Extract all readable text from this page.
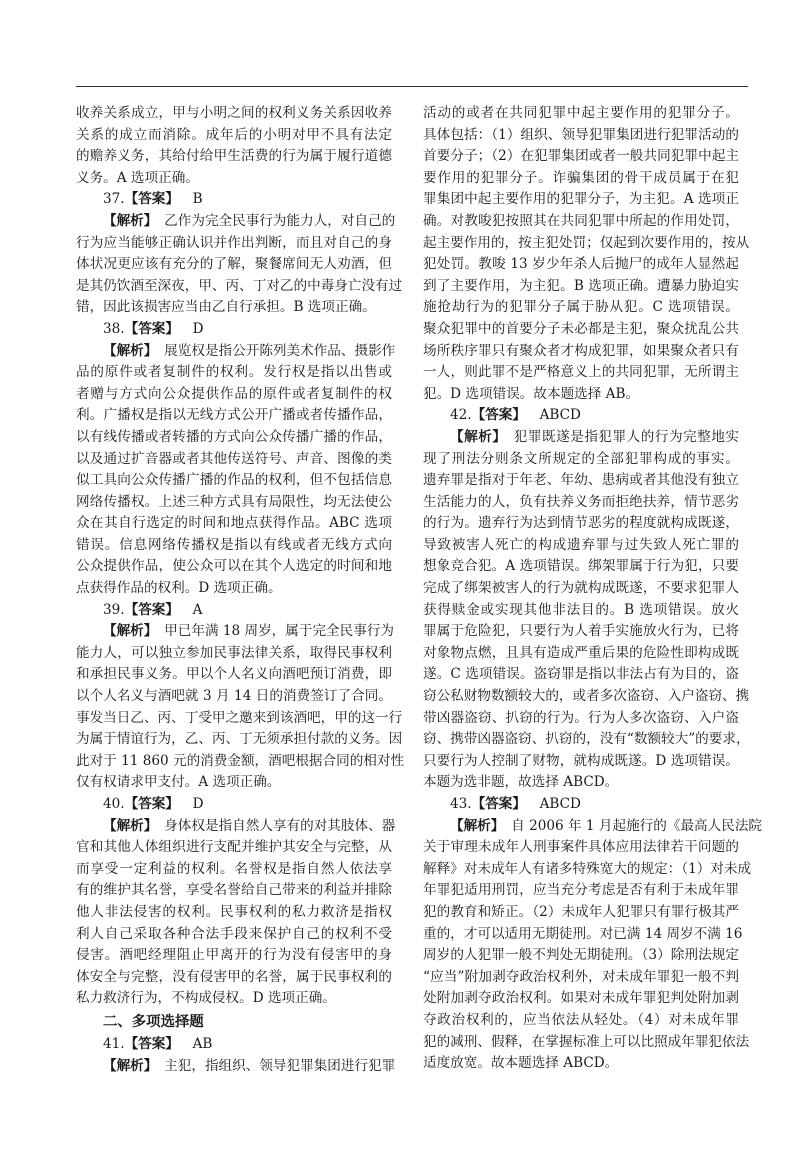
收养关系成立，甲与小明之间的权利义务关系因收养
关系的成立而消除。成年后的小明对甲不具有法定
的赡养义务，其给付给甲生活费的行为属于履行道德
义务。A 选项正确。
37.【答案】  B
【解析】  乙作为完全民事行为能力人，对自己的
行为应当能够正确认识并作出判断，而且对自己的身
体状况更应该有充分的了解，聚餐席间无人劝酒，但
是其仍饮酒至深夜，甲、丙、丁对乙的中毒身亡没有过
错，因此该损害应当由乙自行承担。B 选项正确。
38.【答案】  D
【解析】  展览权是指公开陈列美术作品、摄影作
品的原件或者复制件的权利。发行权是指以出售或
者赠与方式向公众提供作品的原件或者复制件的权
利。广播权是指以无线方式公开广播或者传播作品，
以有线传播或者转播的方式向公众传播广播的作品，
以及通过扩音器或者其他传送符号、声音、图像的类
似工具向公众传播广播的作品的权利，但不包括信息
网络传播权。上述三种方式具有局限性，均无法使公
众在其自行选定的时间和地点获得作品。ABC 选项
错误。信息网络传播权是指以有线或者无线方式向
公众提供作品，使公众可以在其个人选定的时间和地
点获得作品的权利。D 选项正确。
39.【答案】  A
【解析】  甲已年满 18 周岁，属于完全民事行为
能力人，可以独立参加民事法律关系，取得民事权利
和承担民事义务。甲以个人名义向酒吧预订消费，即
以个人名义与酒吧就 3 月 14 日的消费签订了合同。
事发当日乙、丙、丁受甲之邀来到该酒吧，甲的这一行
为属于情谊行为，乙、丙、丁无须承担付款的义务。因
此对于 11 860 元的消费金额，酒吧根据合同的相对性
仅有权请求甲支付。A 选项正确。
40.【答案】  D
【解析】  身体权是指自然人享有的对其肢体、器
官和其他人体组织进行支配并维护其安全与完整，从
而享受一定利益的权利。名誉权是指自然人依法享
有的维护其名誉，享受名誉给自己带来的利益并排除
他人非法侵害的权利。民事权利的私力救济是指权
利人自己采取各种合法手段来保护自己的权利不受
侵害。酒吧经理阻止甲离开的行为没有侵害甲的身
体安全与完整，没有侵害甲的名誉，属于民事权利的
私力救济行为，不构成侵权。D 选项正确。
二、多项选择题
41.【答案】  AB
【解析】  主犯，指组织、领导犯罪集团进行犯罪
活动的或者在共同犯罪中起主要作用的犯罪分子。
具体包括：（1）组织、领导犯罪集团进行犯罪活动的
首要分子；（2）在犯罪集团或者一般共同犯罪中起主
要作用的犯罪分子。诈骗集团的骨干成员属于在犯
罪集团中起主要作用的犯罪分子，为主犯。A 选项正
确。对教唆犯按照其在共同犯罪中所起的作用处罚，
起主要作用的，按主犯处罚；仅起到次要作用的，按从
犯处罚。教唆 13 岁少年杀人后抛尸的成年人显然起
到了主要作用，为主犯。B 选项正确。遭暴力胁迫实
施抢劫行为的犯罪分子属于胁从犯。C 选项错误。
聚众犯罪中的首要分子未必都是主犯，聚众扰乱公共
场所秩序罪只有聚众者才构成犯罪，如果聚众者只有
一人，则此罪不是严格意义上的共同犯罪，无所谓主
犯。D 选项错误。故本题选择 AB。
42.【答案】  ABCD
【解析】  犯罪既遂是指犯罪人的行为完整地实
现了刑法分则条文所规定的全部犯罪构成的事实。
遗弃罪是指对于年老、年幼、患病或者其他没有独立
生活能力的人，负有扶养义务而拒绝扶养，情节恶劣
的行为。遗弃行为达到情节恶劣的程度就构成既遂，
导致被害人死亡的构成遗弃罪与过失致人死亡罪的
想象竞合犯。A 选项错误。绑架罪属于行为犯，只要
完成了绑架被害人的行为就构成既遂，不要求犯罪人
获得赎金或实现其他非法目的。B 选项错误。放火
罪属于危险犯，只要行为人着手实施放火行为，已将
对象物点燃，且具有造成严重后果的危险性即构成既
遂。C 选项错误。盗窃罪是指以非法占有为目的，盗
窃公私财物数额较大的，或者多次盗窃、入户盗窃、携
带凶器盗窃、扒窃的行为。行为人多次盗窃、入户盗
窃、携带凶器盗窃、扒窃的，没有“数额较大”的要求，
只要行为人控制了财物，就构成既遂。D 选项错误。
本题为选非题，故选择 ABCD。
43.【答案】  ABCD
【解析】  自 2006 年 1 月起施行的《最高人民法院
关于审理未成年人刑事案件具体应用法律若干问题的
解释》对未成年人有诸多特殊宽大的规定：（1）对未成
年罪犯适用刑罚，应当充分考虑是否有利于未成年罪
犯的教育和矫正。（2）未成年人犯罪只有罪行极其严
重的，才可以适用无期徒刑。对已满 14 周岁不满 16
周岁的人犯罪一般不判处无期徒刑。（3）除刑法规定
“应当”附加剥夺政治权利外，对未成年罪犯一般不判
处附加剥夺政治权利。如果对未成年罪犯判处附加剥
夺政治权利的，应当依法从轻处。（4）对未成年罪
犯的减刑、假释，在掌握标准上可以比照成年罪犯依法
适度放宽。故本题选择 ABCD。
